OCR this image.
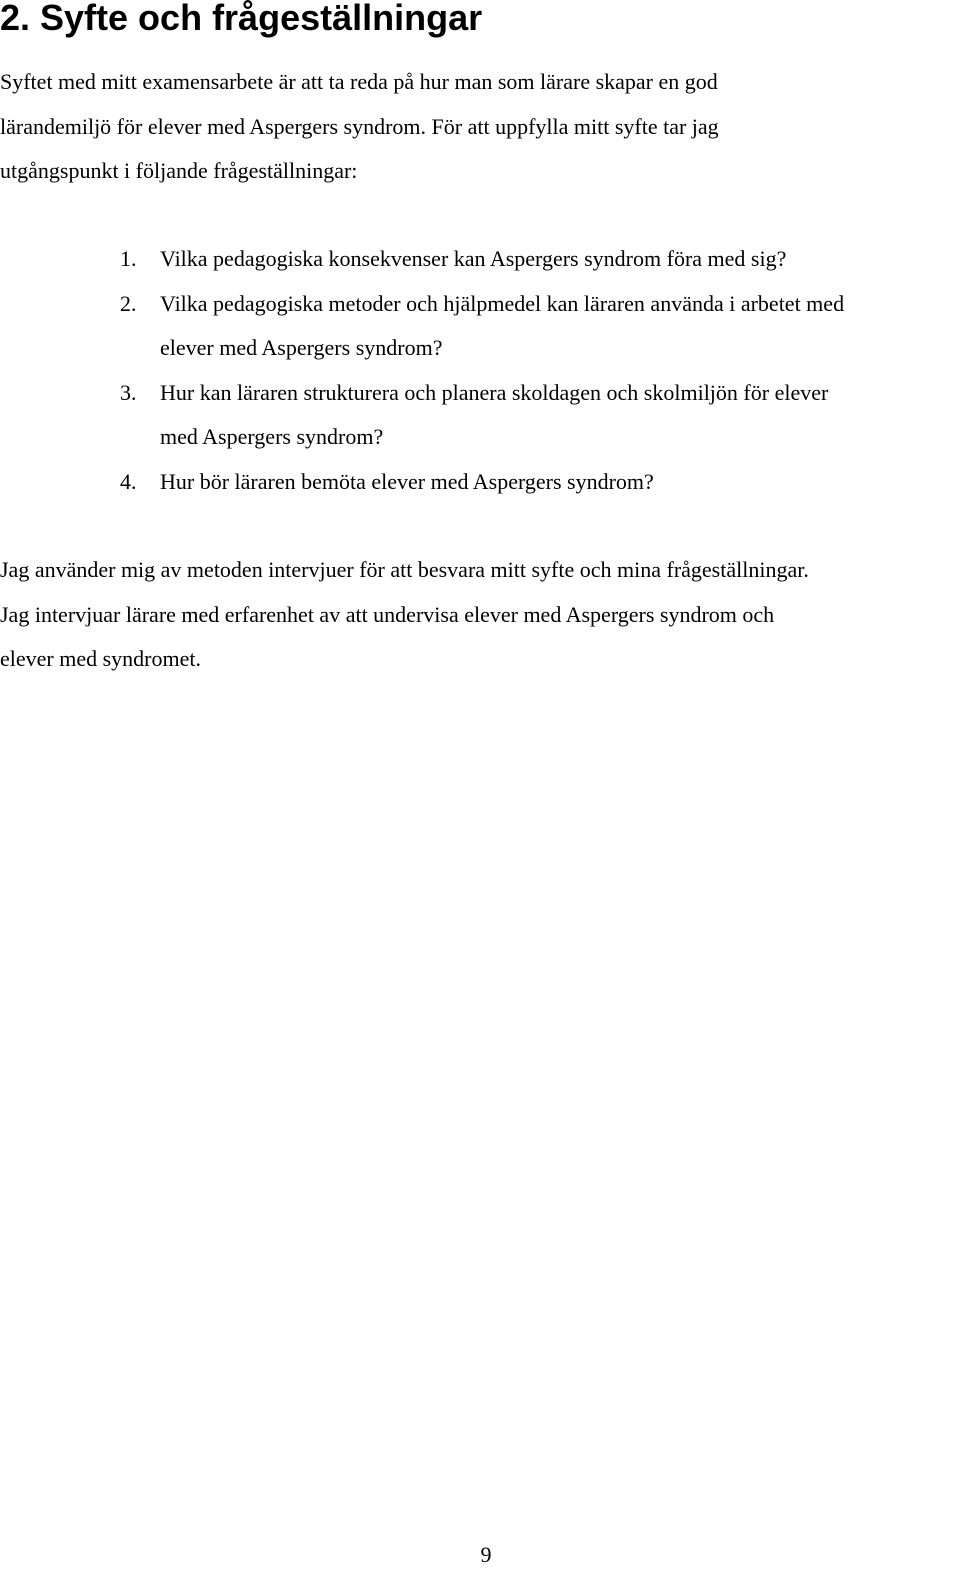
2. Syfte och frågeställningar

Syftet med mitt examensarbete är att ta reda på hur man som lärare skapar en god
lärandemiljö för elever med Aspergers syndrom. För att uppfylla mitt syfte tar jag
utgångspunkt i följande frågeställningar:

1. Vilka pedagogiska konsekvenser kan Aspergers syndrom föra med sig?
2. Vilka pedagogiska metoder och hjälpmedel kan läraren använda i arbetet med
elever med Aspergers syndrom?
3. Hur kan läraren strukturera och planera skoldagen och skolmiljön för elever
med Aspergers syndrom?
4. Hur bör läraren bemöta elever med Aspergers syndrom?

Jag använder mig av metoden intervjuer för att besvara mitt syfte och mina frågeställningar.
Jag intervjuar lärare med erfarenhet av att undervisa elever med Aspergers syndrom och
elever med syndromet.

9
